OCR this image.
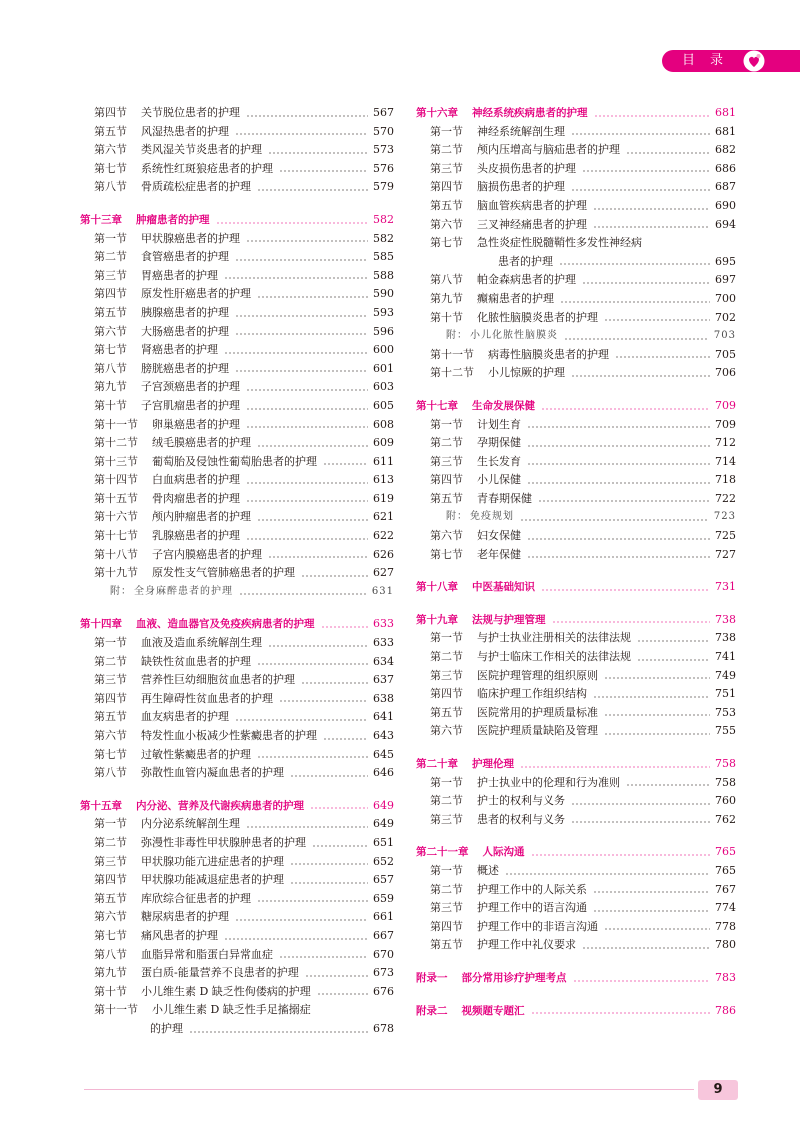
目录
第四节 关节脱位患者的护理	567
第五节 风湿热患者的护理	570
第六节 类风湿关节炎患者的护理	573
第七节 系统性红斑狼疮患者的护理	576
第八节 骨质疏松症患者的护理	579
第十三章 肿瘤患者的护理	582
第一节 甲状腺癌患者的护理	582
第二节 食管癌患者的护理	585
第三节 胃癌患者的护理	588
第四节 原发性肝癌患者的护理	590
第五节 胰腺癌患者的护理	593
第六节 大肠癌患者的护理	596
第七节 肾癌患者的护理	600
第八节 膀胱癌患者的护理	601
第九节 子宫颈癌患者的护理	603
第十节 子宫肌瘤患者的护理	605
第十一节 卵巢癌患者的护理	608
第十二节 绒毛膜癌患者的护理	609
第十三节 葡萄胎及侵蚀性葡萄胎患者的护理	611
第十四节 白血病患者的护理	613
第十五节 骨肉瘤患者的护理	619
第十六节 颅内肿瘤患者的护理	621
第十七节 乳腺癌患者的护理	622
第十八节 子宫内膜癌患者的护理	626
第十九节 原发性支气管肺癌患者的护理	627
附： 全身麻醉患者的护理	631
第十四章 血液、造血器官及免疫疾病患者的护理	633
第一节 血液及造血系统解剖生理	633
第二节 缺铁性贫血患者的护理	634
第三节 营养性巨幼细胞贫血患者的护理	637
第四节 再生障碍性贫血患者的护理	638
第五节 血友病患者的护理	641
第六节 特发性血小板减少性紫癜患者的护理	643
第七节 过敏性紫癜患者的护理	645
第八节 弥散性血管内凝血患者的护理	646
第十五章 内分泌、营养及代谢疾病患者的护理	649
第一节 内分泌系统解剖生理	649
第二节 弥漫性非毒性甲状腺肿患者的护理	651
第三节 甲状腺功能亢进症患者的护理	652
第四节 甲状腺功能减退症患者的护理	657
第五节 库欣综合征患者的护理	659
第六节 糖尿病患者的护理	661
第七节 痛风患者的护理	667
第八节 血脂异常和脂蛋白异常血症	670
第九节 蛋白质-能量营养不良患者的护理	673
第十节 小儿维生素 D 缺乏性佝偻病的护理	676
第十一节 小儿维生素 D 缺乏性手足搐搦症
的护理	678
第十六章 神经系统疾病患者的护理	681
第一节 神经系统解剖生理	681
第二节 颅内压增高与脑疝患者的护理	682
第三节 头皮损伤患者的护理	686
第四节 脑损伤患者的护理	687
第五节 脑血管疾病患者的护理	690
第六节 三叉神经痛患者的护理	694
第七节 急性炎症性脱髓鞘性多发性神经病
患者的护理	695
第八节 帕金森病患者的护理	697
第九节 癫痫患者的护理	700
第十节 化脓性脑膜炎患者的护理	702
附： 小儿化脓性脑膜炎	703
第十一节 病毒性脑膜炎患者的护理	705
第十二节 小儿惊厥的护理	706
第十七章 生命发展保健	709
第一节 计划生育	709
第二节 孕期保健	712
第三节 生长发育	714
第四节 小儿保健	718
第五节 青春期保健	722
附： 免疫规划	723
第六节 妇女保健	725
第七节 老年保健	727
第十八章 中医基础知识	731
第十九章 法规与护理管理	738
第一节 与护士执业注册相关的法律法规	738
第二节 与护士临床工作相关的法律法规	741
第三节 医院护理管理的组织原则	749
第四节 临床护理工作组织结构	751
第五节 医院常用的护理质量标准	753
第六节 医院护理质量缺陷及管理	755
第二十章 护理伦理	758
第一节 护士执业中的伦理和行为准则	758
第二节 护士的权利与义务	760
第三节 患者的权利与义务	762
第二十一章 人际沟通	765
第一节 概述	765
第二节 护理工作中的人际关系	767
第三节 护理工作中的语言沟通	774
第四节 护理工作中的非语言沟通	778
第五节 护理工作中礼仪要求	780
附录一 部分常用诊疗护理考点	783
附录二 视频题专题汇	786
9
